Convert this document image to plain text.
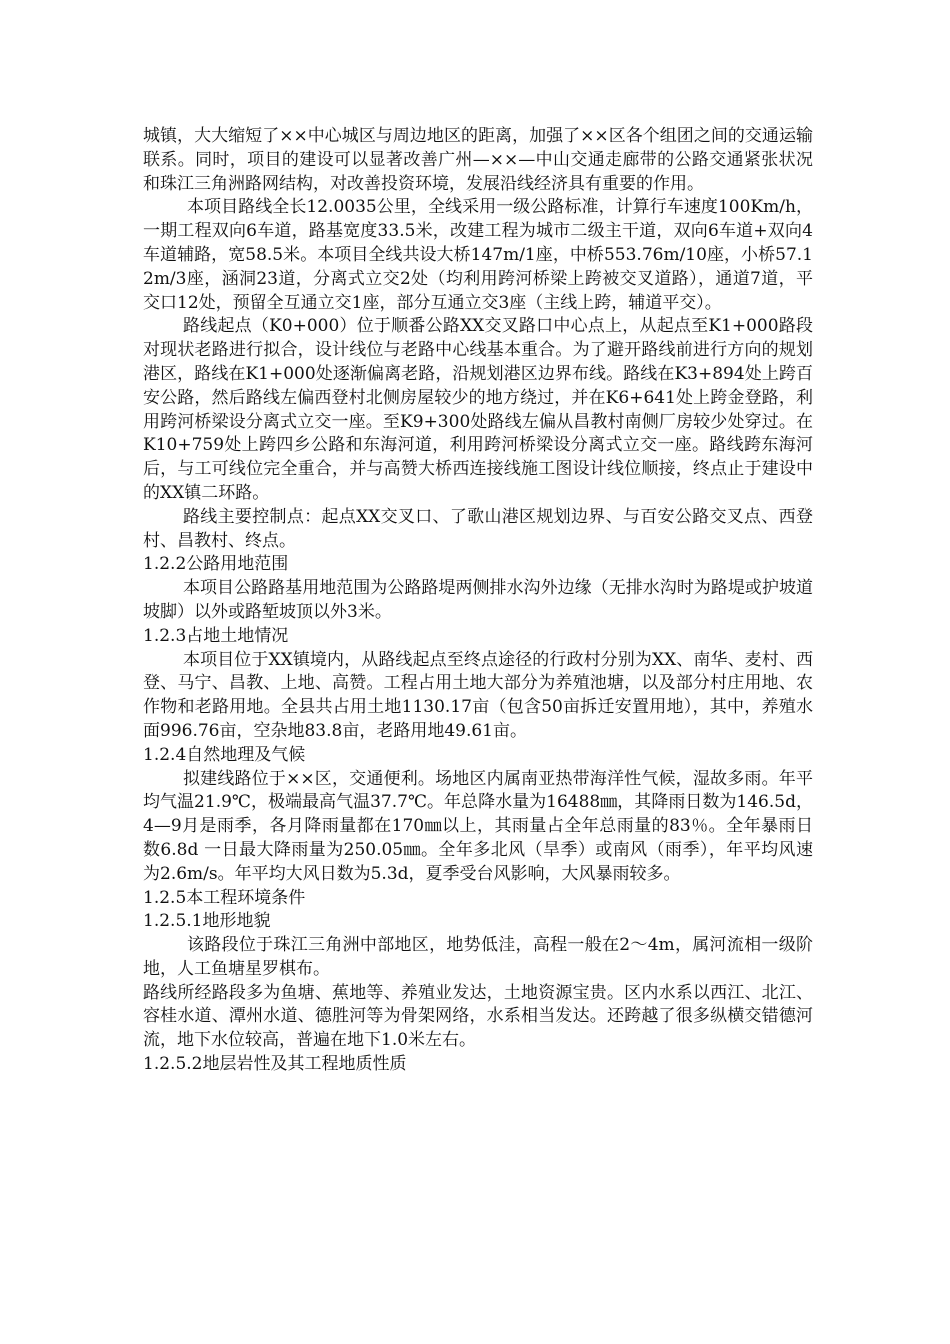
城镇，大大缩短了××中心城区与周边地区的距离，加强了××区各个组团之间的交通运输联系。同时，项目的建设可以显著改善广州—××—中山交通走廊带的公路交通紧张状况和珠江三角洲路网结构，对改善投资环境，发展沿线经济具有重要的作用。

本项目路线全长12.0035公里，全线采用一级公路标准，计算行车速度100Km/h，一期工程双向6车道，路基宽度33.5米，改建工程为城市二级主干道，双向6车道+双向4车道辅路，宽58.5米。本项目全线共设大桥147m/1座，中桥553.76m/10座，小桥57.12m/3座，涵洞23道，分离式立交2处（均利用跨河桥梁上跨被交叉道路），通道7道，平交口12处，预留全互通立交1座，部分互通立交3座（主线上跨，辅道平交）。

路线起点（K0+000）位于顺番公路XX交叉路口中心点上，从起点至K1+000路段对现状老路进行拟合，设计线位与老路中心线基本重合。为了避开路线前进行方向的规划港区，路线在K1+000处逐渐偏离老路，沿规划港区边界布线。路线在K3+894处上跨百安公路，然后路线左偏西登村北侧房屋较少的地方绕过，并在K6+641处上跨金登路，利用跨河桥梁设分离式立交一座。至K9+300处路线左偏从昌教村南侧厂房较少处穿过。在K10+759处上跨四乡公路和东海河道，利用跨河桥梁设分离式立交一座。路线跨东海河后，与工可线位完全重合，并与高赞大桥西连接线施工图设计线位顺接，终点止于建设中的XX镇二环路。

路线主要控制点：起点XX交叉口、了歌山港区规划边界、与百安公路交叉点、西登村、昌教村、终点。

1.2.2公路用地范围

本项目公路路基用地范围为公路路堤两侧排水沟外边缘（无排水沟时为路堤或护坡道坡脚）以外或路堑坡顶以外3米。

1.2.3占地土地情况

本项目位于XX镇境内，从路线起点至终点途径的行政村分别为XX、南华、麦村、西登、马宁、昌教、上地、高赞。工程占用土地大部分为养殖池塘，以及部分村庄用地、农作物和老路用地。全县共占用土地1130.17亩（包含50亩拆迁安置用地），其中，养殖水面996.76亩，空杂地83.8亩，老路用地49.61亩。

1.2.4自然地理及气候

拟建线路位于××区，交通便利。场地区内属南亚热带海洋性气候，湿故多雨。年平均气温21.9℃，极端最高气温37.7℃。年总降水量为16488㎜，其降雨日数为146.5d，4—9月是雨季，各月降雨量都在170㎜以上，其雨量占全年总雨量的83％。全年暴雨日数6.8d 一日最大降雨量为250.05㎜。全年多北风（旱季）或南风（雨季），年平均风速为2.6m/s。年平均大风日数为5.3d，夏季受台风影响，大风暴雨较多。

1.2.5本工程环境条件
1.2.5.1地形地貌

该路段位于珠江三角洲中部地区，地势低洼，高程一般在2～4m，属河流相一级阶地，人工鱼塘星罗棋布。

路线所经路段多为鱼塘、蕉地等、养殖业发达，土地资源宝贵。区内水系以西江、北江、容桂水道、潭州水道、德胜河等为骨架网络，水系相当发达。还跨越了很多纵横交错德河流，地下水位较高，普遍在地下1.0米左右。

1.2.5.2地层岩性及其工程地质性质
